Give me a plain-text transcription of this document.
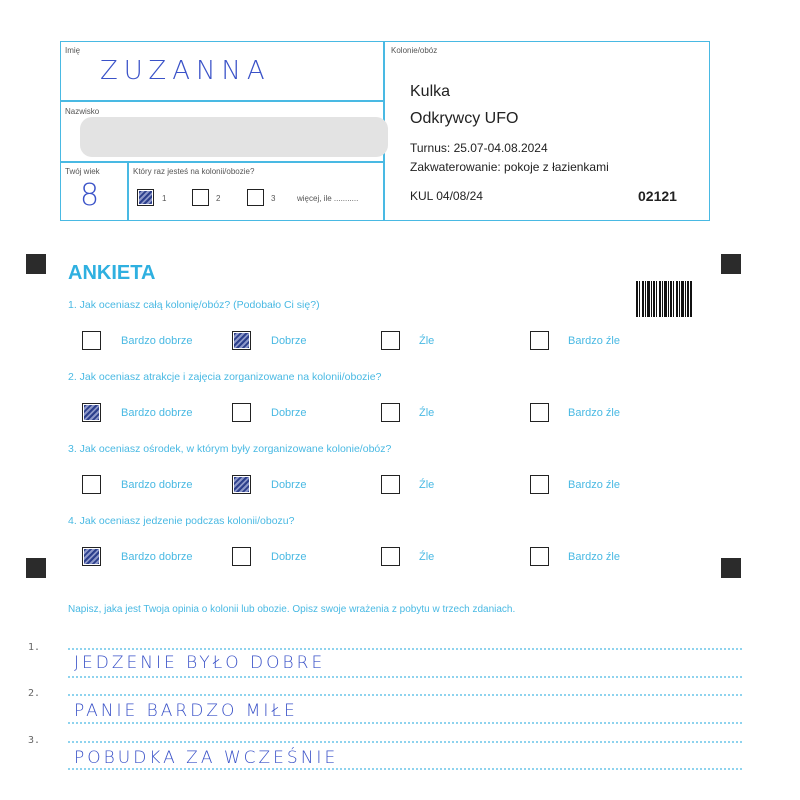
Imię
ZUZANNA
Nazwisko
Twój wiek
8
Który raz jesteś na kolonii/obozie?
1	2	3	więcej, ile ...........
Kolonie/obóz
Kulka
Odkrywcy UFO
Turnus: 25.07-04.08.2024
Zakwaterowanie: pokoje z łazienkami
KUL 04/08/24	02121
ANKIETA
1. Jak oceniasz całą kolonię/obóz? (Podobało Ci się?)
Bardzo dobrze	Dobrze	Źle	Bardzo źle
2. Jak oceniasz atrakcje i zajęcia zorganizowane na kolonii/obozie?
Bardzo dobrze	Dobrze	Źle	Bardzo źle
3. Jak oceniasz ośrodek, w którym były zorganizowane kolonie/obóz?
Bardzo dobrze	Dobrze	Źle	Bardzo źle
4. Jak oceniasz jedzenie podczas kolonii/obozu?
Bardzo dobrze	Dobrze	Źle	Bardzo źle
Napisz, jaka jest Twoja opinia o kolonii lub obozie. Opisz swoje wrażenia z pobytu w trzech zdaniach.
1.
JEDZENIE BYŁO DOBRE
2.
PANIE BARDZO MIŁE
3.
POBUDKA ZA WCZEŚNIE
